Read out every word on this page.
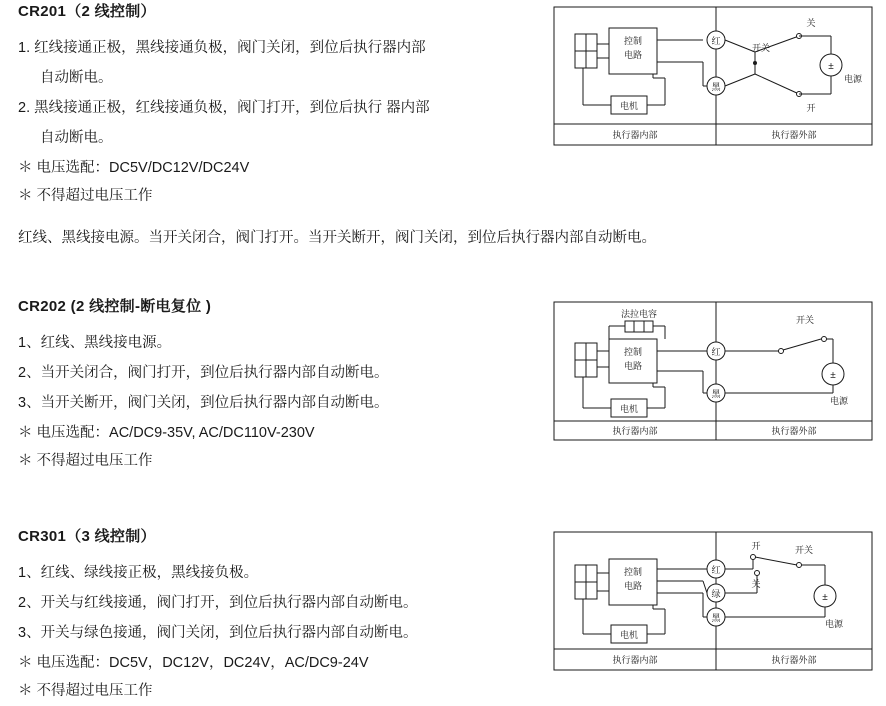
CR201（2 线控制）

1. 红线接通正极，黑线接通负极，阀门关闭，到位后执行器内部

自动断电。

2. 黑线接通正极，红线接通负极，阀门打开，到位后执行 器内部

自动断电。

＊ 电压选配：DC5V/DC12V/DC24V

＊ 不得超过电压工作

红线、黑线接电源。当开关闭合，阀门打开。当开关断开，阀门关闭，到位后执行器内部自动断电。

控制
电路
电机
红
黑
开关
关
开
±
电源
执行器内部	执行器外部

CR202 (2 线控制-断电复位 )

1、红线、黑线接电源。

2、当开关闭合，阀门打开，到位后执行器内部自动断电。

3、当开关断开，阀门关闭，到位后执行器内部自动断电。

＊ 电压选配：AC/DC9-35V, AC/DC110V-230V

＊ 不得超过电压工作

法拉电容
控制
电路
电机
红
黑
开关
±
电源
执行器内部	执行器外部

CR301（3 线控制）

1、红线、绿线接正极，黑线接负极。

2、开关与红线接通，阀门打开，到位后执行器内部自动断电。

3、开关与绿色接通，阀门关闭，到位后执行器内部自动断电。

＊ 电压选配：DC5V，DC12V，DC24V，AC/DC9-24V

＊ 不得超过电压工作

控制
电路
电机
红
绿
黑
开
关
开关
±
电源
执行器内部	执行器外部
